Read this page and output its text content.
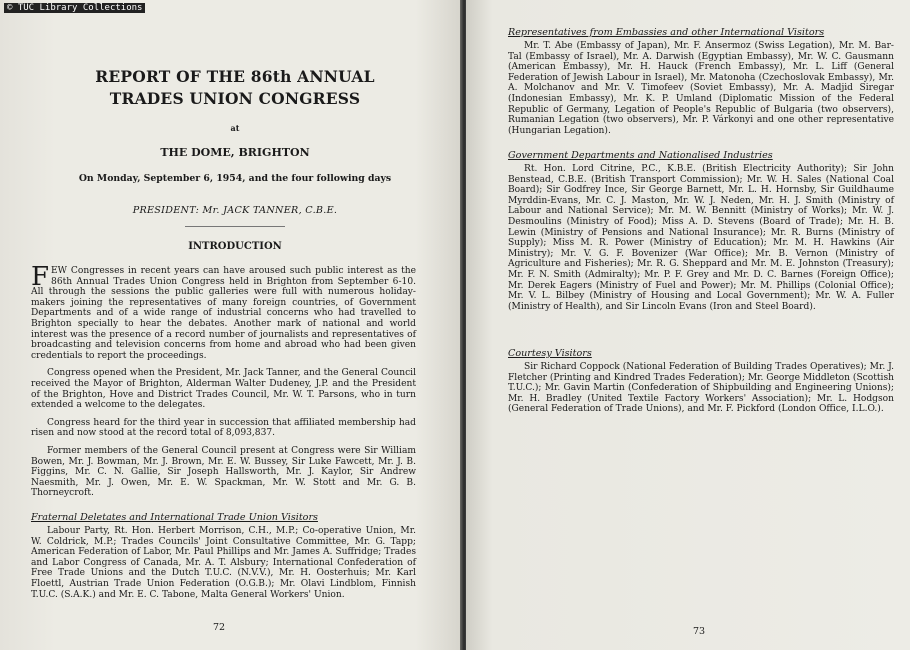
© TUC Library Collections
REPORT OF THE 86th ANNUAL
TRADES UNION CONGRESS
at
THE DOME, BRIGHTON
On Monday, September 6, 1954, and the four following days
PRESIDENT: Mr. JACK TANNER, C.B.E.
INTRODUCTION

FEW Congresses in recent years can have aroused such public interest as the 86th Annual Trades Union Congress held in Brighton from September 6-10. All through the sessions the public galleries were full with numerous holiday-makers joining the representatives of many foreign countries, of Government Departments and of a wide range of industrial concerns who had travelled to Brighton specially to hear the debates. Another mark of national and world interest was the presence of a record number of journalists and representatives of broadcasting and television concerns from home and abroad who had been given credentials to report the proceedings.

Congress opened when the President, Mr. Jack Tanner, and the General Council received the Mayor of Brighton, Alderman Walter Dudeney, J.P. and the President of the Brighton, Hove and District Trades Council, Mr. W. T. Parsons, who in turn extended a welcome to the delegates.

Congress heard for the third year in succession that affiliated membership had risen and now stood at the record total of 8,093,837.

Former members of the General Council present at Congress were Sir William Bowen, Mr. J. Bowman, Mr. J. Brown, Mr. E. W. Bussey, Sir Luke Fawcett, Mr. J. B. Figgins, Mr. C. N. Gallie, Sir Joseph Hallsworth, Mr. J. Kaylor, Sir Andrew Naesmith, Mr. J. Owen, Mr. E. W. Spackman, Mr. W. Stott and Mr. G. B. Thorneycroft.

Fraternal Deletates and International Trade Union Visitors

Labour Party, Rt. Hon. Herbert Morrison, C.H., M.P.; Co-operative Union, Mr. W. Coldrick, M.P.; Trades Councils' Joint Consultative Committee, Mr. G. Tapp; American Federation of Labor, Mr. Paul Phillips and Mr. James A. Suffridge; Trades and Labor Congress of Canada, Mr. A. T. Alsbury; International Confederation of Free Trade Unions and the Dutch T.U.C. (N.V.V.), Mr. H. Oosterhuis; Mr. Karl Floettl, Austrian Trade Union Federation (O.G.B.); Mr. Olavi Lindblom, Finnish T.U.C. (S.A.K.) and Mr. E. C. Tabone, Malta General Workers' Union.

72
Representatives from Embassies and other International Visitors

Mr. T. Abe (Embassy of Japan), Mr. F. Ansermoz (Swiss Legation), Mr. M. Bar-Tal (Embassy of Israel), Mr. A. Darwish (Egyptian Embassy), Mr. W. C. Gausmann (American Embassy), Mr. H. Hauck (French Embassy), Mr. L. Liff (General Federation of Jewish Labour in Israel), Mr. Matonoha (Czechoslovak Embassy), Mr. A. Molchanov and Mr. V. Timofeev (Soviet Embassy), Mr. A. Madjid Siregar (Indonesian Embassy), Mr. K. P. Umland (Diplomatic Mission of the Federal Republic of Germany, Legation of People's Republic of Bulgaria (two observers), Rumanian Legation (two observers), Mr. P. Várkonyi and one other representative (Hungarian Legation).

Government Departments and Nationalised Industries

Rt. Hon. Lord Citrine, P.C., K.B.E. (British Electricity Authority); Sir John Benstead, C.B.E. (British Transport Commission); Mr. W. H. Sales (National Coal Board); Sir Godfrey Ince, Sir George Barnett, Mr. L. H. Hornsby, Sir Guildhaume Myrddin-Evans, Mr. C. J. Maston, Mr. W. J. Neden, Mr. H. J. Smith (Ministry of Labour and National Service); Mr. M. W. Bennitt (Ministry of Works); Mr. W. J. Desmoulins (Ministry of Food); Miss A. D. Stevens (Board of Trade); Mr. H. B. Lewin (Ministry of Pensions and National Insurance); Mr. R. Burns (Ministry of Supply); Miss M. R. Power (Ministry of Education); Mr. M. H. Hawkins (Air Ministry); Mr. V. G. F. Bovenizer (War Office); Mr. B. Vernon (Ministry of Agriculture and Fisheries); Mr. R. G. Sheppard and Mr. M. E. Johnston (Treasury); Mr. F. N. Smith (Admiralty); Mr. P. F. Grey and Mr. D. C. Barnes (Foreign Office); Mr. Derek Eagers (Ministry of Fuel and Power); Mr. M. Phillips (Colonial Office); Mr. V. L. Bilbey (Ministry of Housing and Local Government); Mr. W. A. Fuller (Ministry of Health), and Sir Lincoln Evans (Iron and Steel Board).

Courtesy Visitors

Sir Richard Coppock (National Federation of Building Trades Operatives); Mr. J. Fletcher (Printing and Kindred Trades Federation); Mr. George Middleton (Scottish T.U.C.); Mr. Gavin Martin (Confederation of Shipbuilding and Engineering Unions); Mr. H. Bradley (United Textile Factory Workers' Association); Mr. L. Hodgson (General Federation of Trade Unions), and Mr. F. Pickford (London Office, I.L.O.).

73
